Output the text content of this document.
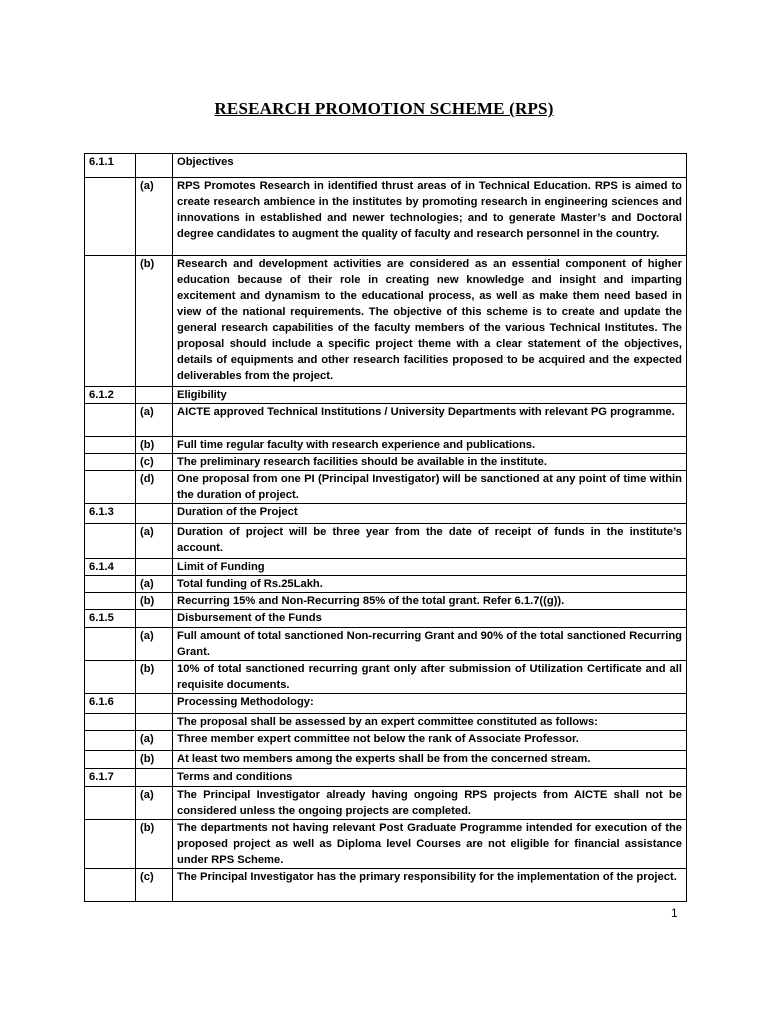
RESEARCH PROMOTION SCHEME (RPS)
6.1.1		Objectives
	(a)	RPS Promotes Research in identified thrust areas of in Technical Education. RPS is aimed to create research ambience in the institutes by promoting research in engineering sciences and innovations in established and newer technologies; and to generate Master’s and Doctoral degree candidates to augment the quality of faculty and research personnel in the country.
	(b)	Research and development activities are considered as an essential component of higher education because of their role in creating new knowledge and insight and imparting excitement and dynamism to the educational process, as well as make them need based in view of the national requirements. The objective of this scheme is to create and update the general research capabilities of the faculty members of the various Technical Institutes. The proposal should include a specific project theme with a clear statement of the objectives, details of equipments and other research facilities proposed to be acquired and the expected deliverables from the project.
6.1.2		Eligibility
	(a)	AICTE approved Technical Institutions / University Departments with relevant PG programme.
	(b)	Full time regular faculty with research experience and publications.
	(c)	The preliminary research facilities should be available in the institute.
	(d)	One proposal from one PI (Principal Investigator) will be sanctioned at any point of time within the duration of project.
6.1.3		Duration of the Project
	(a)	Duration of project will be three year from the date of receipt of funds in the institute’s account.
6.1.4		Limit of Funding
	(a)	Total funding of Rs.25Lakh.
	(b)	Recurring 15% and Non-Recurring 85% of the total grant. Refer 6.1.7((g)).
6.1.5		Disbursement of the Funds
	(a)	Full amount of total sanctioned Non-recurring Grant and 90% of the total sanctioned Recurring Grant.
	(b)	10% of total sanctioned recurring grant only after submission of Utilization Certificate and all requisite documents.
6.1.6		Processing Methodology:
		The proposal shall be assessed by an expert committee constituted as follows:
	(a)	Three member expert committee not below the rank of Associate Professor.
	(b)	At least two members among the experts shall be from the concerned stream.
6.1.7		Terms and conditions
	(a)	The Principal Investigator already having ongoing RPS projects from AICTE shall not be considered unless the ongoing projects are completed.
	(b)	The departments not having relevant Post Graduate Programme intended for execution of the proposed project as well as Diploma level Courses are not eligible for financial assistance under RPS Scheme.
	(c)	The Principal Investigator has the primary responsibility for the implementation of the project.
1
